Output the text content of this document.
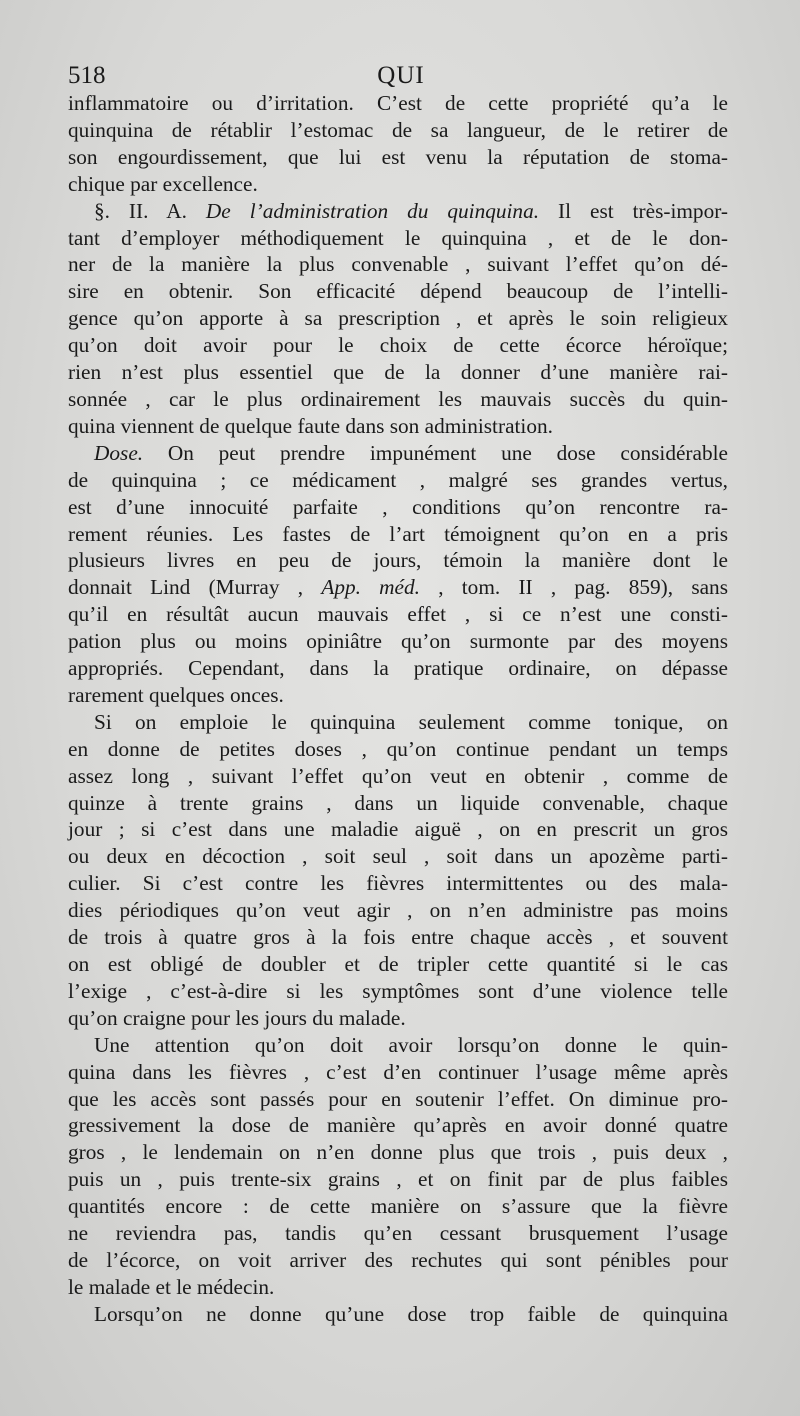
518	QUI
inflammatoire ou d’irritation. C’est de cette propriété qu’a le
quinquina de rétablir l’estomac de sa langueur, de le retirer de
son engourdissement, que lui est venu la réputation de stoma-
chique par excellence.
§. II. A. De l’administration du quinquina. Il est très-impor-
tant d’employer méthodiquement le quinquina , et de le don-
ner de la manière la plus convenable , suivant l’effet qu’on dé-
sire en obtenir. Son efficacité dépend beaucoup de l’intelli-
gence qu’on apporte à sa prescription , et après le soin religieux
qu’on doit avoir pour le choix de cette écorce héroïque;
rien n’est plus essentiel que de la donner d’une manière rai-
sonnée , car le plus ordinairement les mauvais succès du quin-
quina viennent de quelque faute dans son administration.
Dose. On peut prendre impunément une dose considérable
de quinquina ; ce médicament , malgré ses grandes vertus,
est d’une innocuité parfaite , conditions qu’on rencontre ra-
rement réunies. Les fastes de l’art témoignent qu’on en a pris
plusieurs livres en peu de jours, témoin la manière dont le
donnait Lind (Murray , App. méd. , tom. II , pag. 859), sans
qu’il en résultât aucun mauvais effet , si ce n’est une consti-
pation plus ou moins opiniâtre qu’on surmonte par des moyens
appropriés. Cependant, dans la pratique ordinaire, on dépasse
rarement quelques onces.
Si on emploie le quinquina seulement comme tonique, on
en donne de petites doses , qu’on continue pendant un temps
assez long , suivant l’effet qu’on veut en obtenir , comme de
quinze à trente grains , dans un liquide convenable, chaque
jour ; si c’est dans une maladie aiguë , on en prescrit un gros
ou deux en décoction , soit seul , soit dans un apozème parti-
culier. Si c’est contre les fièvres intermittentes ou des mala-
dies périodiques qu’on veut agir , on n’en administre pas moins
de trois à quatre gros à la fois entre chaque accès , et souvent
on est obligé de doubler et de tripler cette quantité si le cas
l’exige , c’est-à-dire si les symptômes sont d’une violence telle
qu’on craigne pour les jours du malade.
Une attention qu’on doit avoir lorsqu’on donne le quin-
quina dans les fièvres , c’est d’en continuer l’usage même après
que les accès sont passés pour en soutenir l’effet. On diminue pro-
gressivement la dose de manière qu’après en avoir donné quatre
gros , le lendemain on n’en donne plus que trois , puis deux ,
puis un , puis trente-six grains , et on finit par de plus faibles
quantités encore : de cette manière on s’assure que la fièvre
ne reviendra pas, tandis qu’en cessant brusquement l’usage
de l’écorce, on voit arriver des rechutes qui sont pénibles pour
le malade et le médecin.
Lorsqu’on ne donne qu’une dose trop faible de quinquina
